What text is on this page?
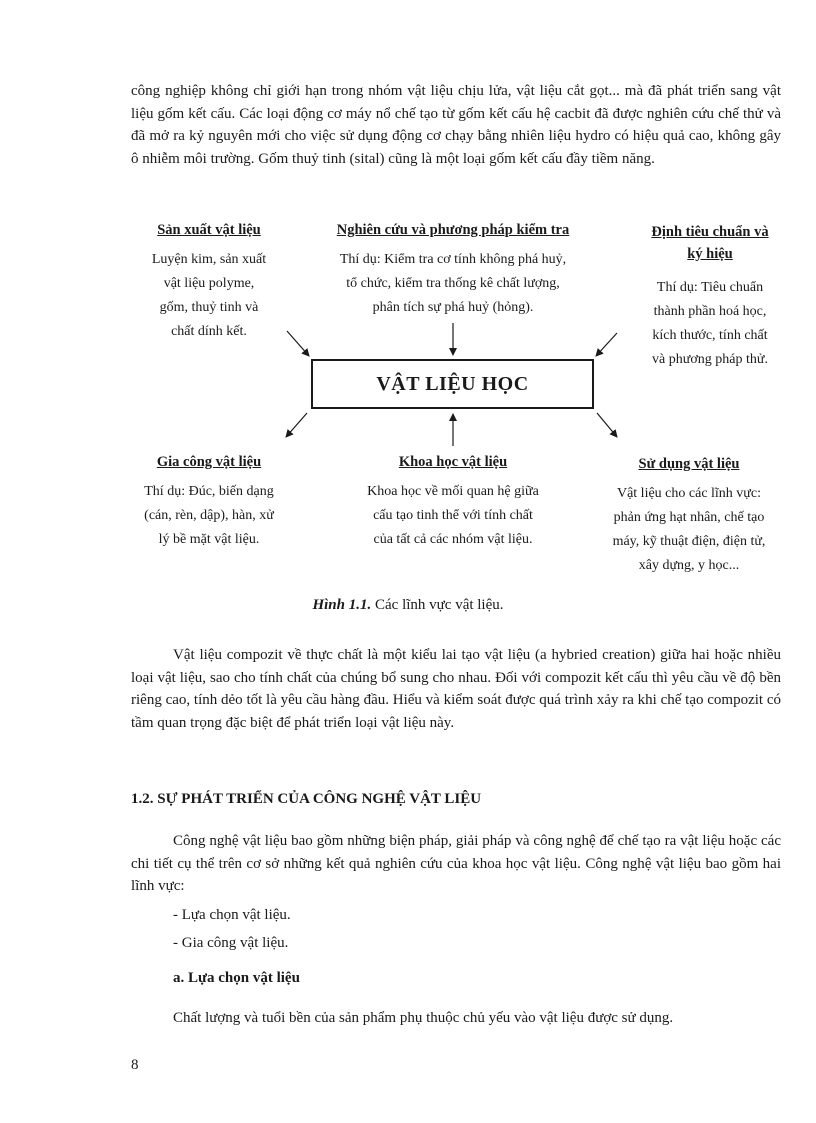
công nghiệp không chỉ giới hạn trong nhóm vật liệu chịu lửa, vật liệu cắt gọt... mà đã phát triển sang vật liệu gốm kết cấu. Các loại động cơ máy nổ chế tạo từ gốm kết cấu hệ cacbit đã được nghiên cứu chế thử và đã mở ra kỷ nguyên mới cho việc sử dụng động cơ chạy bằng nhiên liệu hydro có hiệu quả cao, không gây ô nhiễm môi trường. Gốm thuỷ tinh (sital) cũng là một loại gốm kết cấu đầy tiềm năng.

Sản xuất vật liệu

Luyện kim, sản xuất
vật liệu polyme,
gốm, thuỷ tinh và
chất dính kết.

Nghiên cứu và phương pháp kiểm tra

Thí dụ: Kiểm tra cơ tính không phá huỷ,
tổ chức, kiểm tra thống kê chất lượng,
phân tích sự phá huỷ (hỏng).
Định tiêu chuẩn và
ký hiệu
Thí dụ: Tiêu chuẩn
thành phần hoá học,
kích thước, tính chất
và phương pháp thử.
VẬT LIỆU HỌC

Gia công vật liệu

Thí dụ: Đúc, biến dạng
(cán, rèn, dập), hàn, xử
lý bề mặt vật liệu.

Khoa học vật liệu

Khoa học về mối quan hệ giữa
cấu tạo tinh thể với tính chất
của tất cả các nhóm vật liệu.

Sử dụng vật liệu

Vật liệu cho các lĩnh vực:
phản ứng hạt nhân, chế tạo
máy, kỹ thuật điện, điện tử,
xây dựng, y học...

Hình 1.1. Các lĩnh vực vật liệu.

Vật liệu compozit về thực chất là một kiểu lai tạo vật liệu (a hybried creation) giữa hai hoặc nhiều loại vật liệu, sao cho tính chất của chúng bổ sung cho nhau. Đối với compozit kết cấu thì yêu cầu về độ bền riêng cao, tính dẻo tốt là yêu cầu hàng đầu. Hiểu và kiểm soát được quá trình xảy ra khi chế tạo compozit có tầm quan trọng đặc biệt để phát triển loại vật liệu này.

1.2. SỰ PHÁT TRIỂN CỦA CÔNG NGHỆ VẬT LIỆU

Công nghệ vật liệu bao gồm những biện pháp, giải pháp và công nghệ để chế tạo ra vật liệu hoặc các chi tiết cụ thể trên cơ sở những kết quả nghiên cứu của khoa học vật liệu. Công nghệ vật liệu bao gồm hai lĩnh vực:

- Lựa chọn vật liệu.

- Gia công vật liệu.

a. Lựa chọn vật liệu

Chất lượng và tuổi bền của sản phẩm phụ thuộc chủ yếu vào vật liệu được sử dụng.

8
